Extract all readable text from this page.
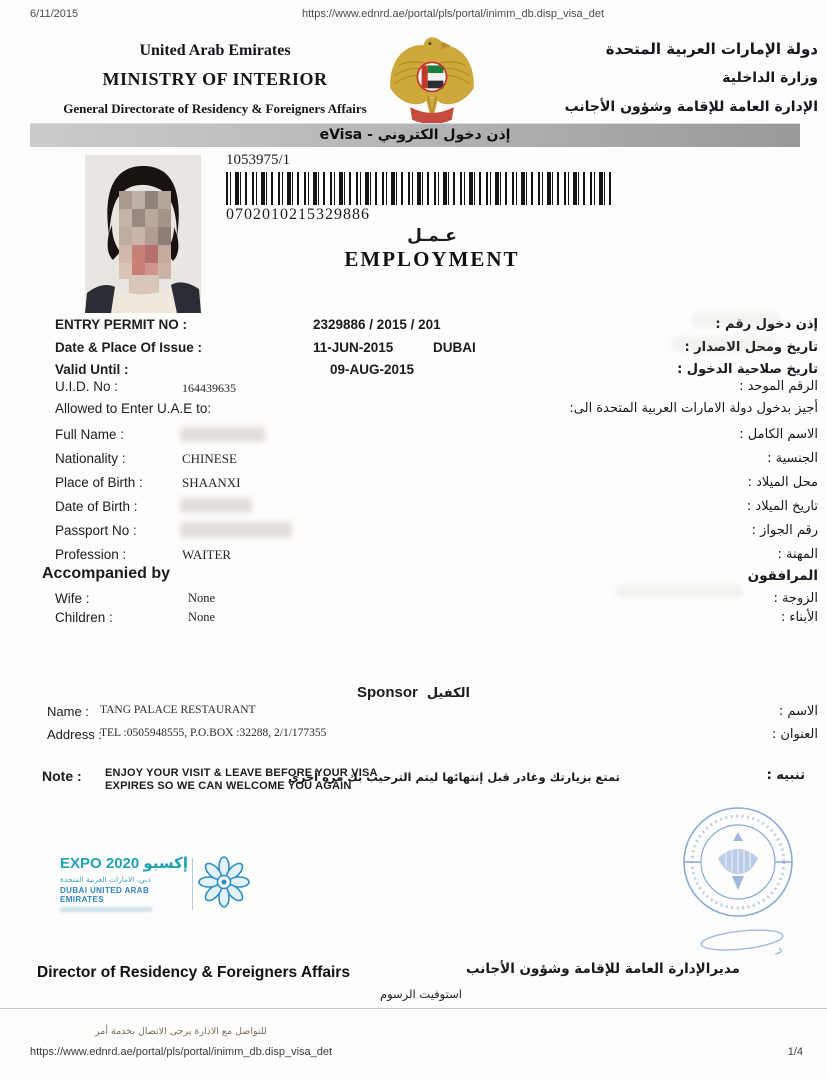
6/11/2015	https://www.ednrd.ae/portal/pls/portal/inimm_db.disp_visa_det
United Arab Emirates
MINISTRY OF INTERIOR
General Directorate of Residency & Foreigners Affairs
دولة الإمارات العربية المتحدة
وزارة الداخلية
الإدارة العامة للإقامة وشؤون الأجانب
إذن دخول الكتروني - eVisa
1053975/1
0702010215329886
عـمـل
EMPLOYMENT
ENTRY PERMIT NO :	2329886 / 2015 / 201	إذن دخول رقم :
Date & Place Of Issue :	11-JUN-2015	DUBAI	تاريخ ومحل الاصدار :
Valid Until :	09-AUG-2015	تاريخ صلاحية الدخول :
U.I.D. No :	164439635	الرقم الموحد :
Allowed to Enter U.A.E to:	أجيز بدخول دولة الامارات العربية المتحدة الى:
Full Name :	الاسم الكامل :
Nationality :	CHINESE	الجنسية :
Place of Birth :	SHAANXI	محل الميلاد :
Date of Birth :	تاريخ الميلاد :
Passport No :	رقم الجواز :
Profession :	WAITER	المهنة :
Accompanied by	المرافقون
Wife :	None	الزوجة :
Children :	None	الأبناء :
Sponsor الكفيل
Name : TANG PALACE RESTAURANT	الاسم :
Address :
TEL :0505948555, P.O.BOX :32288, 2/1/177355	العنوان :
Note : ENJOY YOUR VISIT & LEAVE BEFORE YOUR VISA
EXPIRES SO WE CAN WELCOME YOU AGAIN
تمتع بزيارتك وغادر قبل إنتهائها ليتم الترحيب بك مرة أخرى	تنبيه :
EXPO 2020 إكسبو
دبي، الامارات العربية المتحدة
DUBAI UNITED ARAB EMIRATES
Director of Residency & Foreigners Affairs	مديرالإدارة العامة للإقامة وشؤون الأجانب
استوفيت الرسوم
للتواصل مع الادارة يرجى الاتصال بخدمة أمر
https://www.ednrd.ae/portal/pls/portal/inimm_db.disp_visa_det	1/4
